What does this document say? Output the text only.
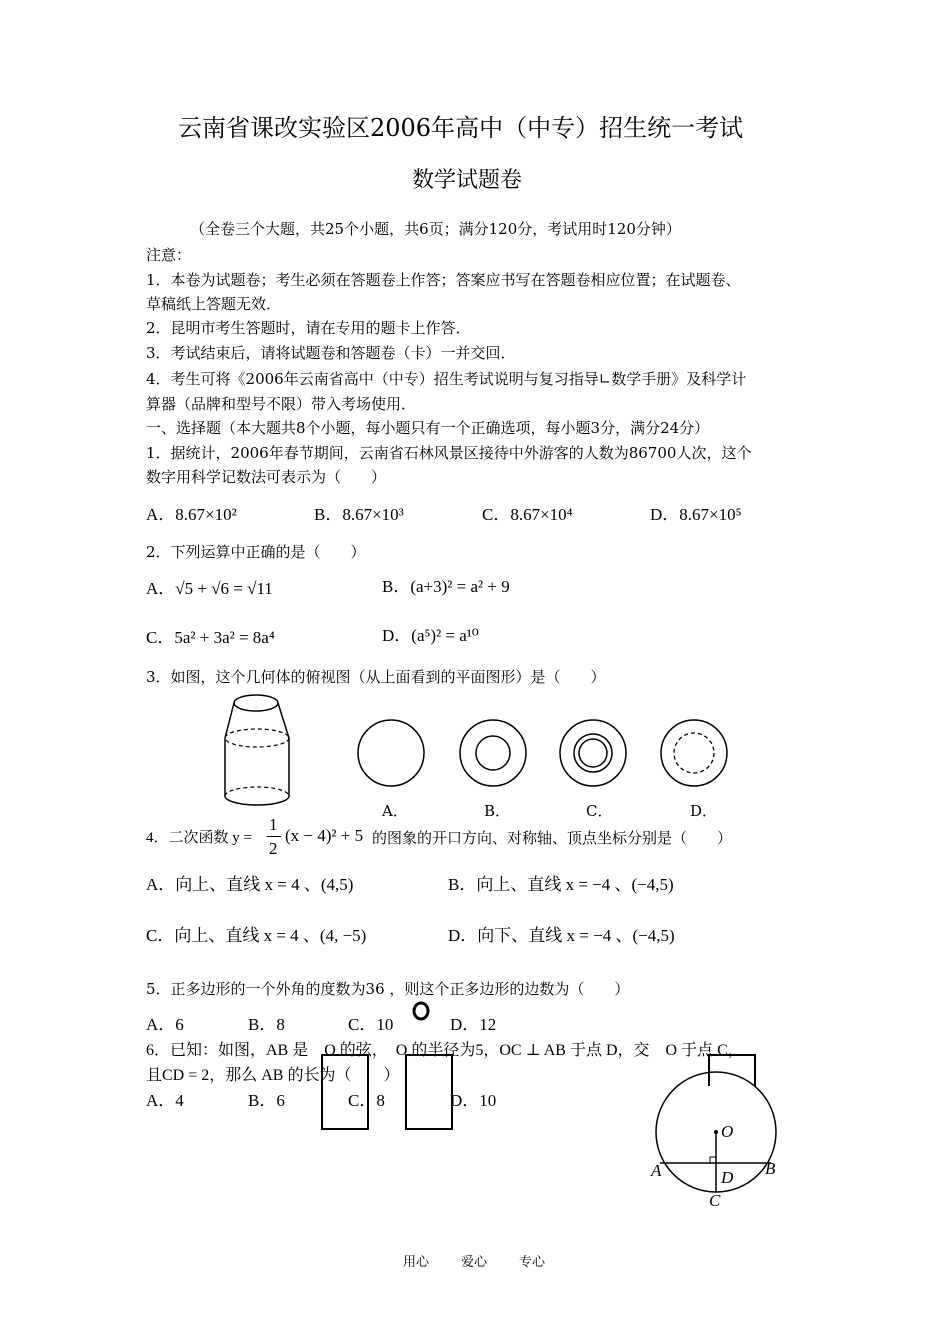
云南省课改实验区2006年高中（中专）招生统一考试
数学试题卷
（全卷三个大题，共25个小题，共6页；满分120分，考试用时120分钟）
注意：
1．本卷为试题卷；考生必须在答题卷上作答；答案应书写在答题卷相应位置；在试题卷、
草稿纸上答题无效．
2．昆明市考生答题时，请在专用的题卡上作答．
3．考试结束后，请将试题卷和答题卷（卡）一并交回．
4．考生可将《2006年云南省高中（中专）招生考试说明与复习指导∟数学手册》及科学计
算器（品牌和型号不限）带入考场使用．
一、选择题（本大题共8个小题，每小题只有一个正确选项，每小题3分，满分24分）
1．据统计，2006年春节期间，云南省石林风景区接待中外游客的人数为86700人次，这个
数字用科学记数法可表示为（　　）
A．8.67×10²	B．8.67×10³	C．8.67×10⁴	D．8.67×10⁵
2．下列运算中正确的是（　　）
A．√5 + √6 = √11	B．(a+3)² = a² + 9
C．5a² + 3a² = 8a⁴	D．(a⁵)² = a¹⁰
3．如图，这个几何体的俯视图（从上面看到的平面图形）是（　　）
A．	B．	C．	D．
4．二次函数 y =
1
2
(x − 4)² + 5 的图象的开口方向、对称轴、顶点坐标分别是（　　）
A．向上、直线 x = 4 、(4,5)	B．向上、直线 x = −4 、(−4,5)
C．向上、直线 x = 4 、(4, −5)	D．向下、直线 x = −4 、(−4,5)
5．正多边形的一个外角的度数为36 ，则这个正多边形的边数为（　　）
A．6	B．8	C．10	D．12
6．已知：如图，AB 是　O 的弦，　O 的半径为5，OC ⊥ AB 于点 D，交　O 于点 C，
且CD = 2，那么 AB 的长为（　　）
A．4	B．6	C．8	D．10
O
A	B
D
C
用心 爱心 专心
